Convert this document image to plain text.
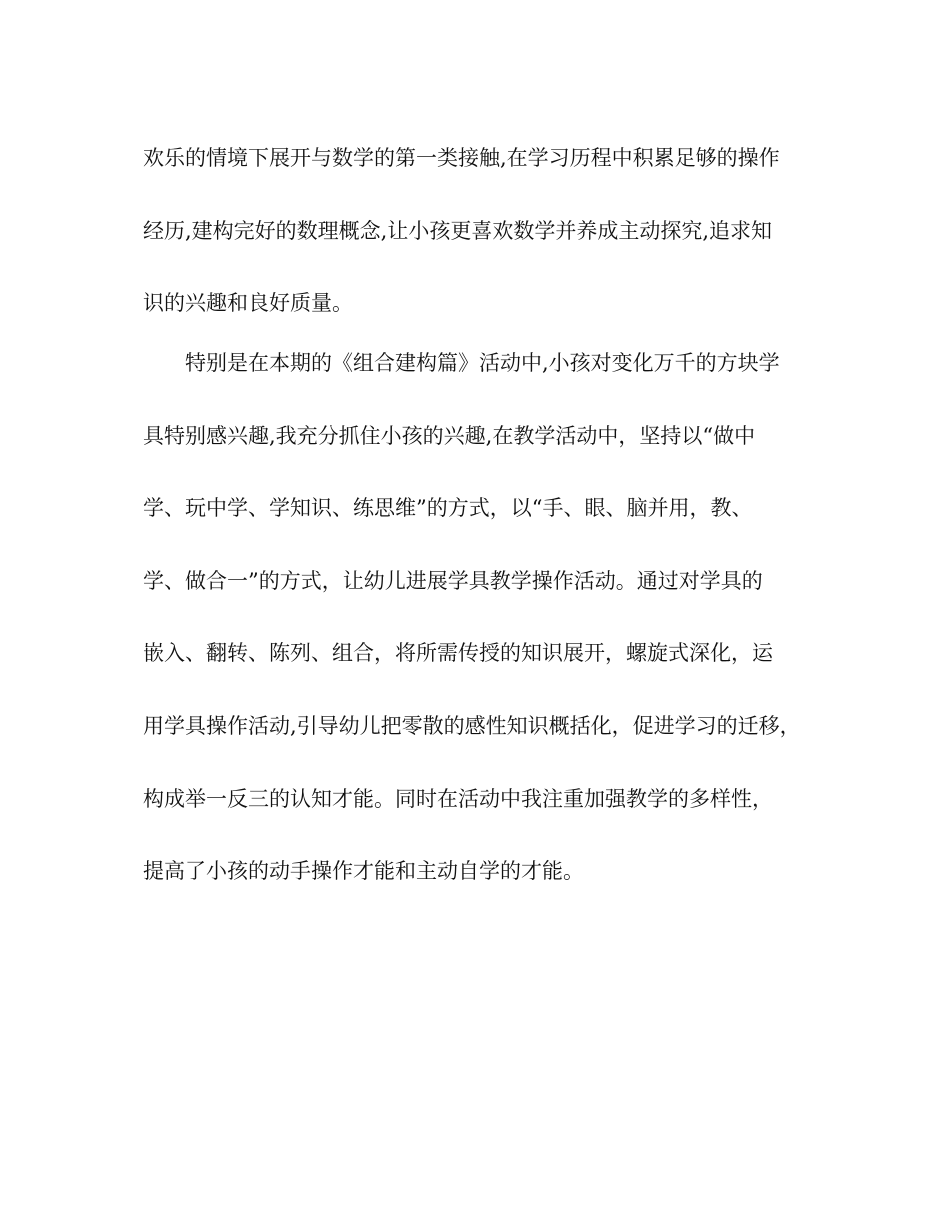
欢乐的情境下展开与数学的第一类接触,在学习历程中积累足够的操作
经历,建构完好的数理概念,让小孩更喜欢数学并养成主动探究,追求知
识的兴趣和良好质量。
特别是在本期的《组合建构篇》活动中,小孩对变化万千的方块学
具特别感兴趣,我充分抓住小孩的兴趣,在教学活动中，坚持以“做中
学、玩中学、学知识、练思维”的方式，以“手、眼、脑并用，教、
学、做合一”的方式，让幼儿进展学具教学操作活动。通过对学具的
嵌入、翻转、陈列、组合，将所需传授的知识展开，螺旋式深化，运
用学具操作活动,引导幼儿把零散的感性知识概括化，促进学习的迁移，
构成举一反三的认知才能。同时在活动中我注重加强教学的多样性，
提高了小孩的动手操作才能和主动自学的才能。
